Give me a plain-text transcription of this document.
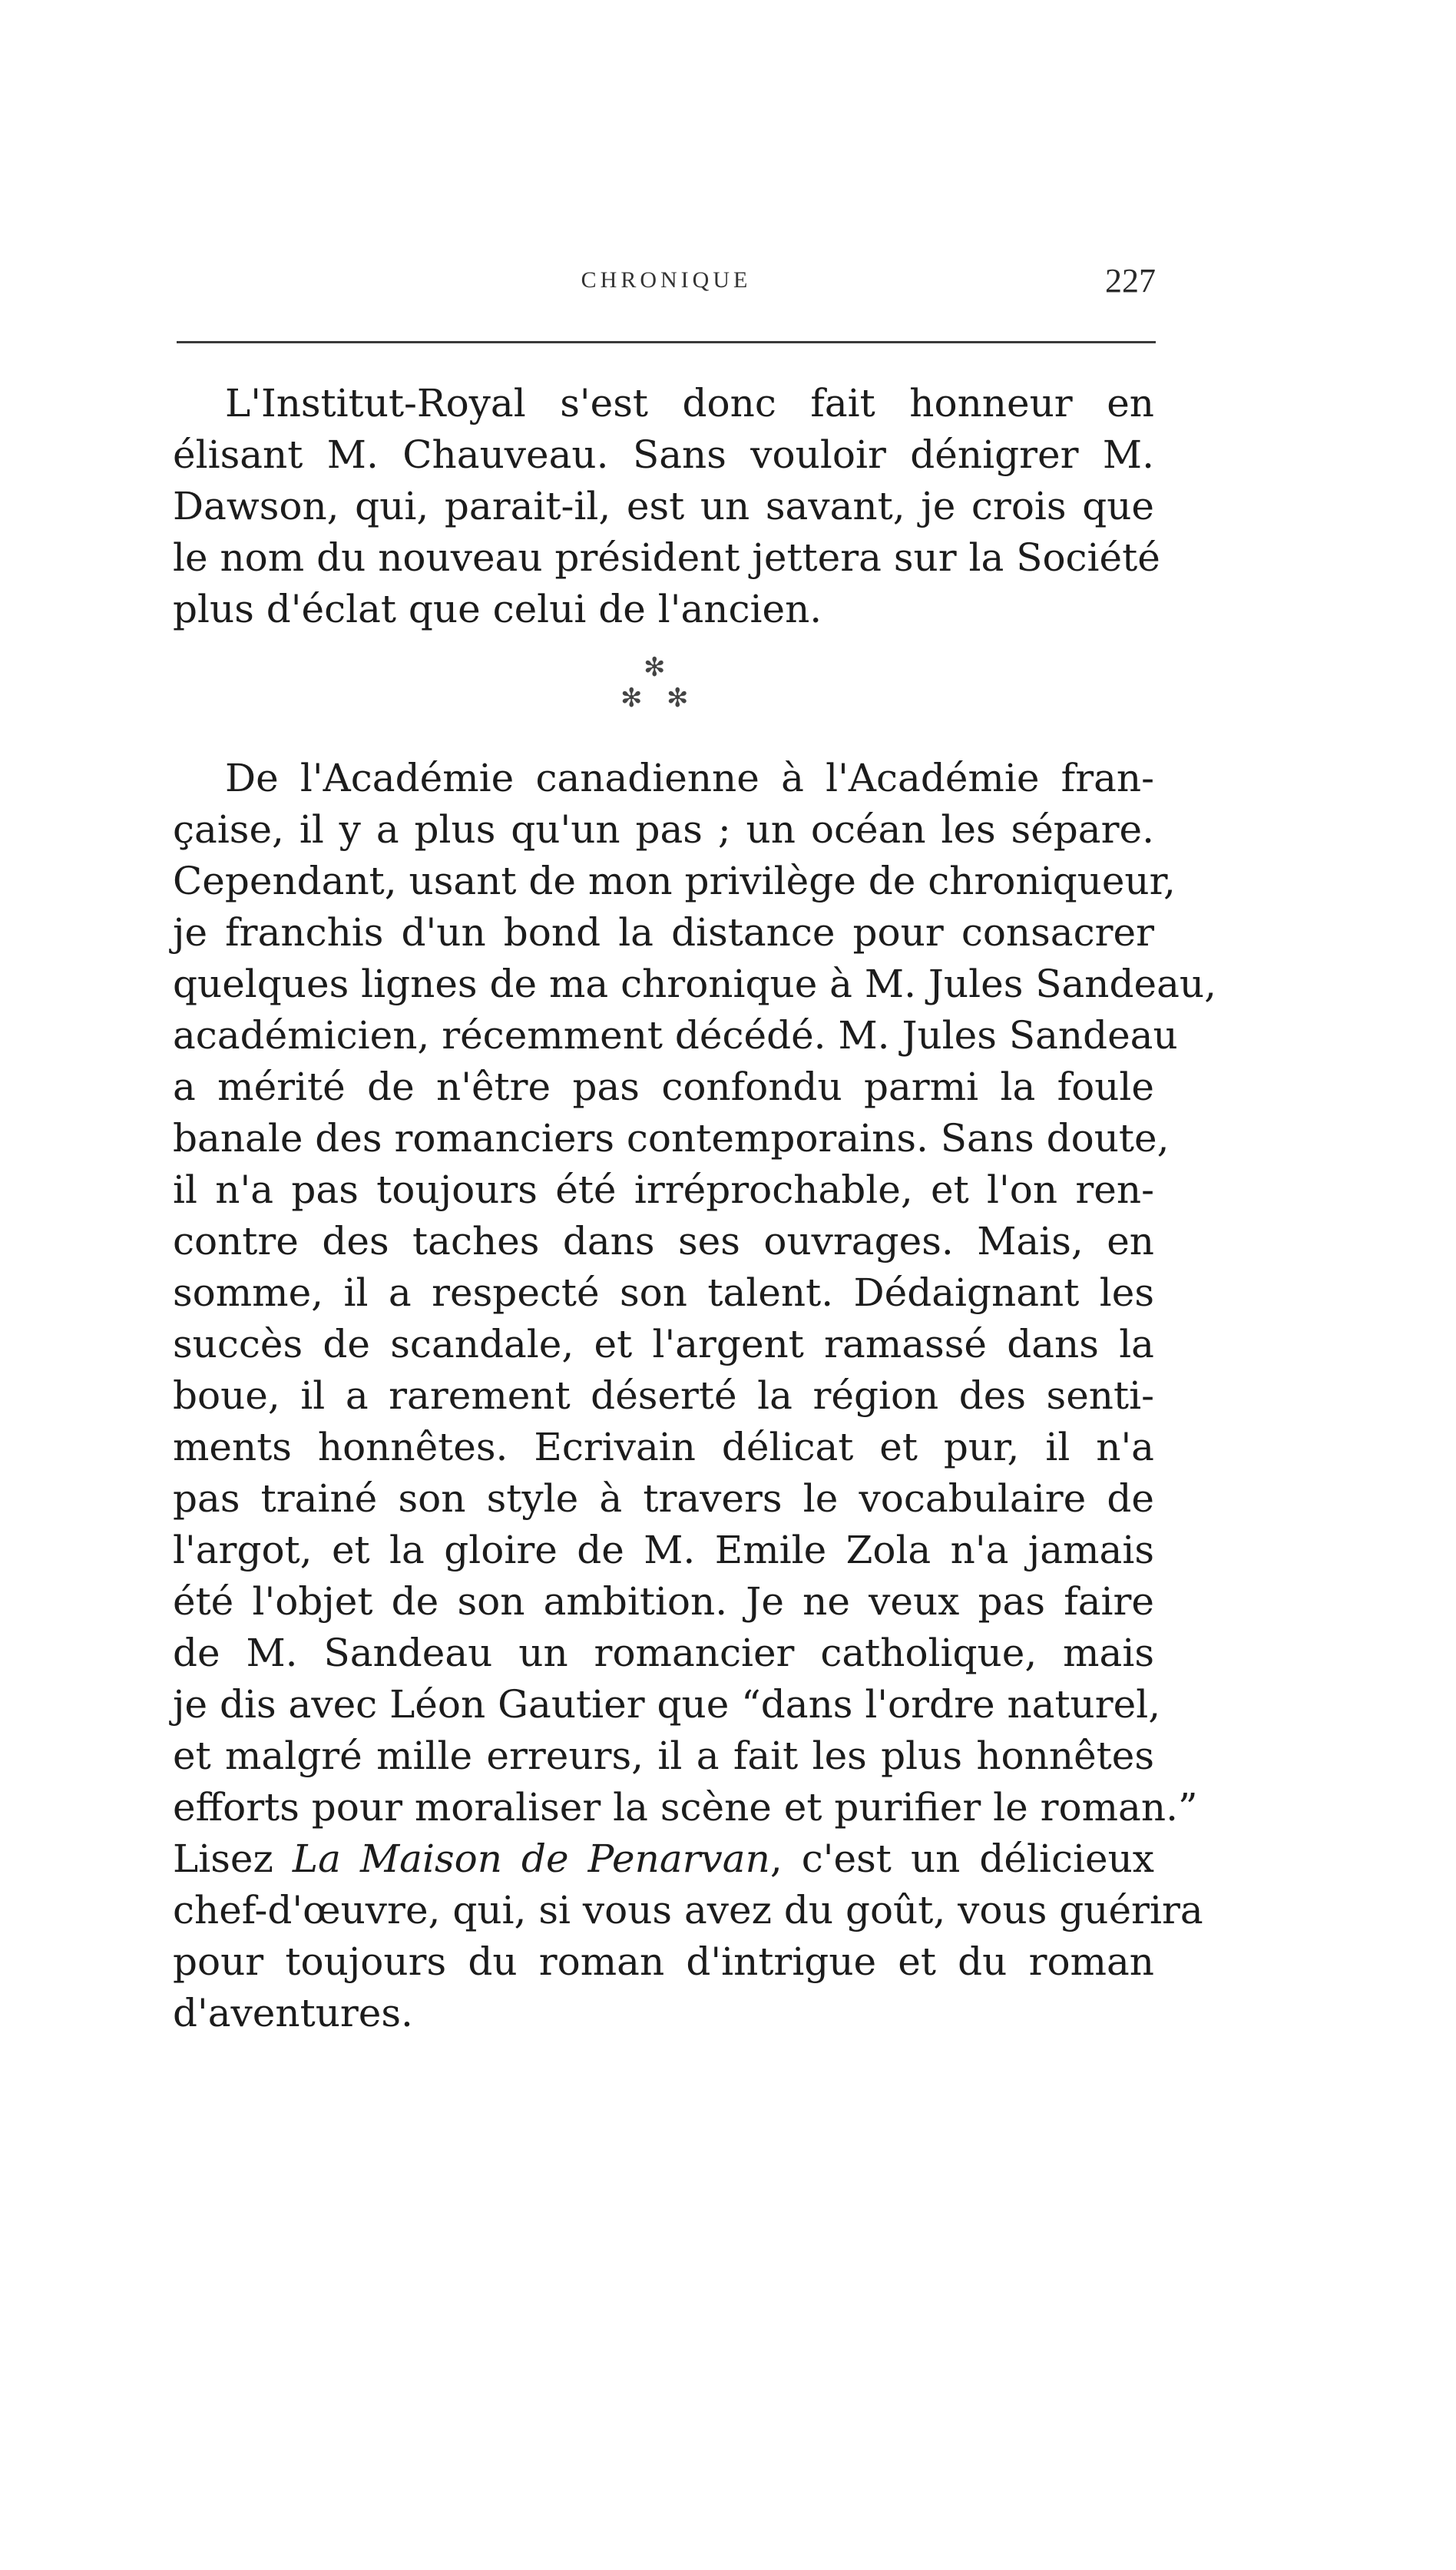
CHRONIQUE	227
L'Institut-Royal s'est donc fait honneur en
élisant M. Chauveau. Sans vouloir dénigrer M.
Dawson, qui, parait-il, est un savant, je crois que
le nom du nouveau président jettera sur la Société
plus d'éclat que celui de l'ancien.
✻
✻ ✻
De l'Académie canadienne à l'Académie fran-
çaise, il y a plus qu'un pas ; un océan les sépare.
Cependant, usant de mon privilège de chroniqueur,
je franchis d'un bond la distance pour consacrer
quelques lignes de ma chronique à M. Jules Sandeau,
académicien, récemment décédé. M. Jules Sandeau
a mérité de n'être pas confondu parmi la foule
banale des romanciers contemporains. Sans doute,
il n'a pas toujours été irréprochable, et l'on ren-
contre des taches dans ses ouvrages. Mais, en
somme, il a respecté son talent. Dédaignant les
succès de scandale, et l'argent ramassé dans la
boue, il a rarement déserté la région des senti-
ments honnêtes. Ecrivain délicat et pur, il n'a
pas trainé son style à travers le vocabulaire de
l'argot, et la gloire de M. Emile Zola n'a jamais
été l'objet de son ambition. Je ne veux pas faire
de M. Sandeau un romancier catholique, mais
je dis avec Léon Gautier que “dans l'ordre naturel,
et malgré mille erreurs, il a fait les plus honnêtes
efforts pour moraliser la scène et purifier le roman.”
Lisez La Maison de Penarvan, c'est un délicieux
chef-d'œuvre, qui, si vous avez du goût, vous guérira
pour toujours du roman d'intrigue et du roman
d'aventures.
